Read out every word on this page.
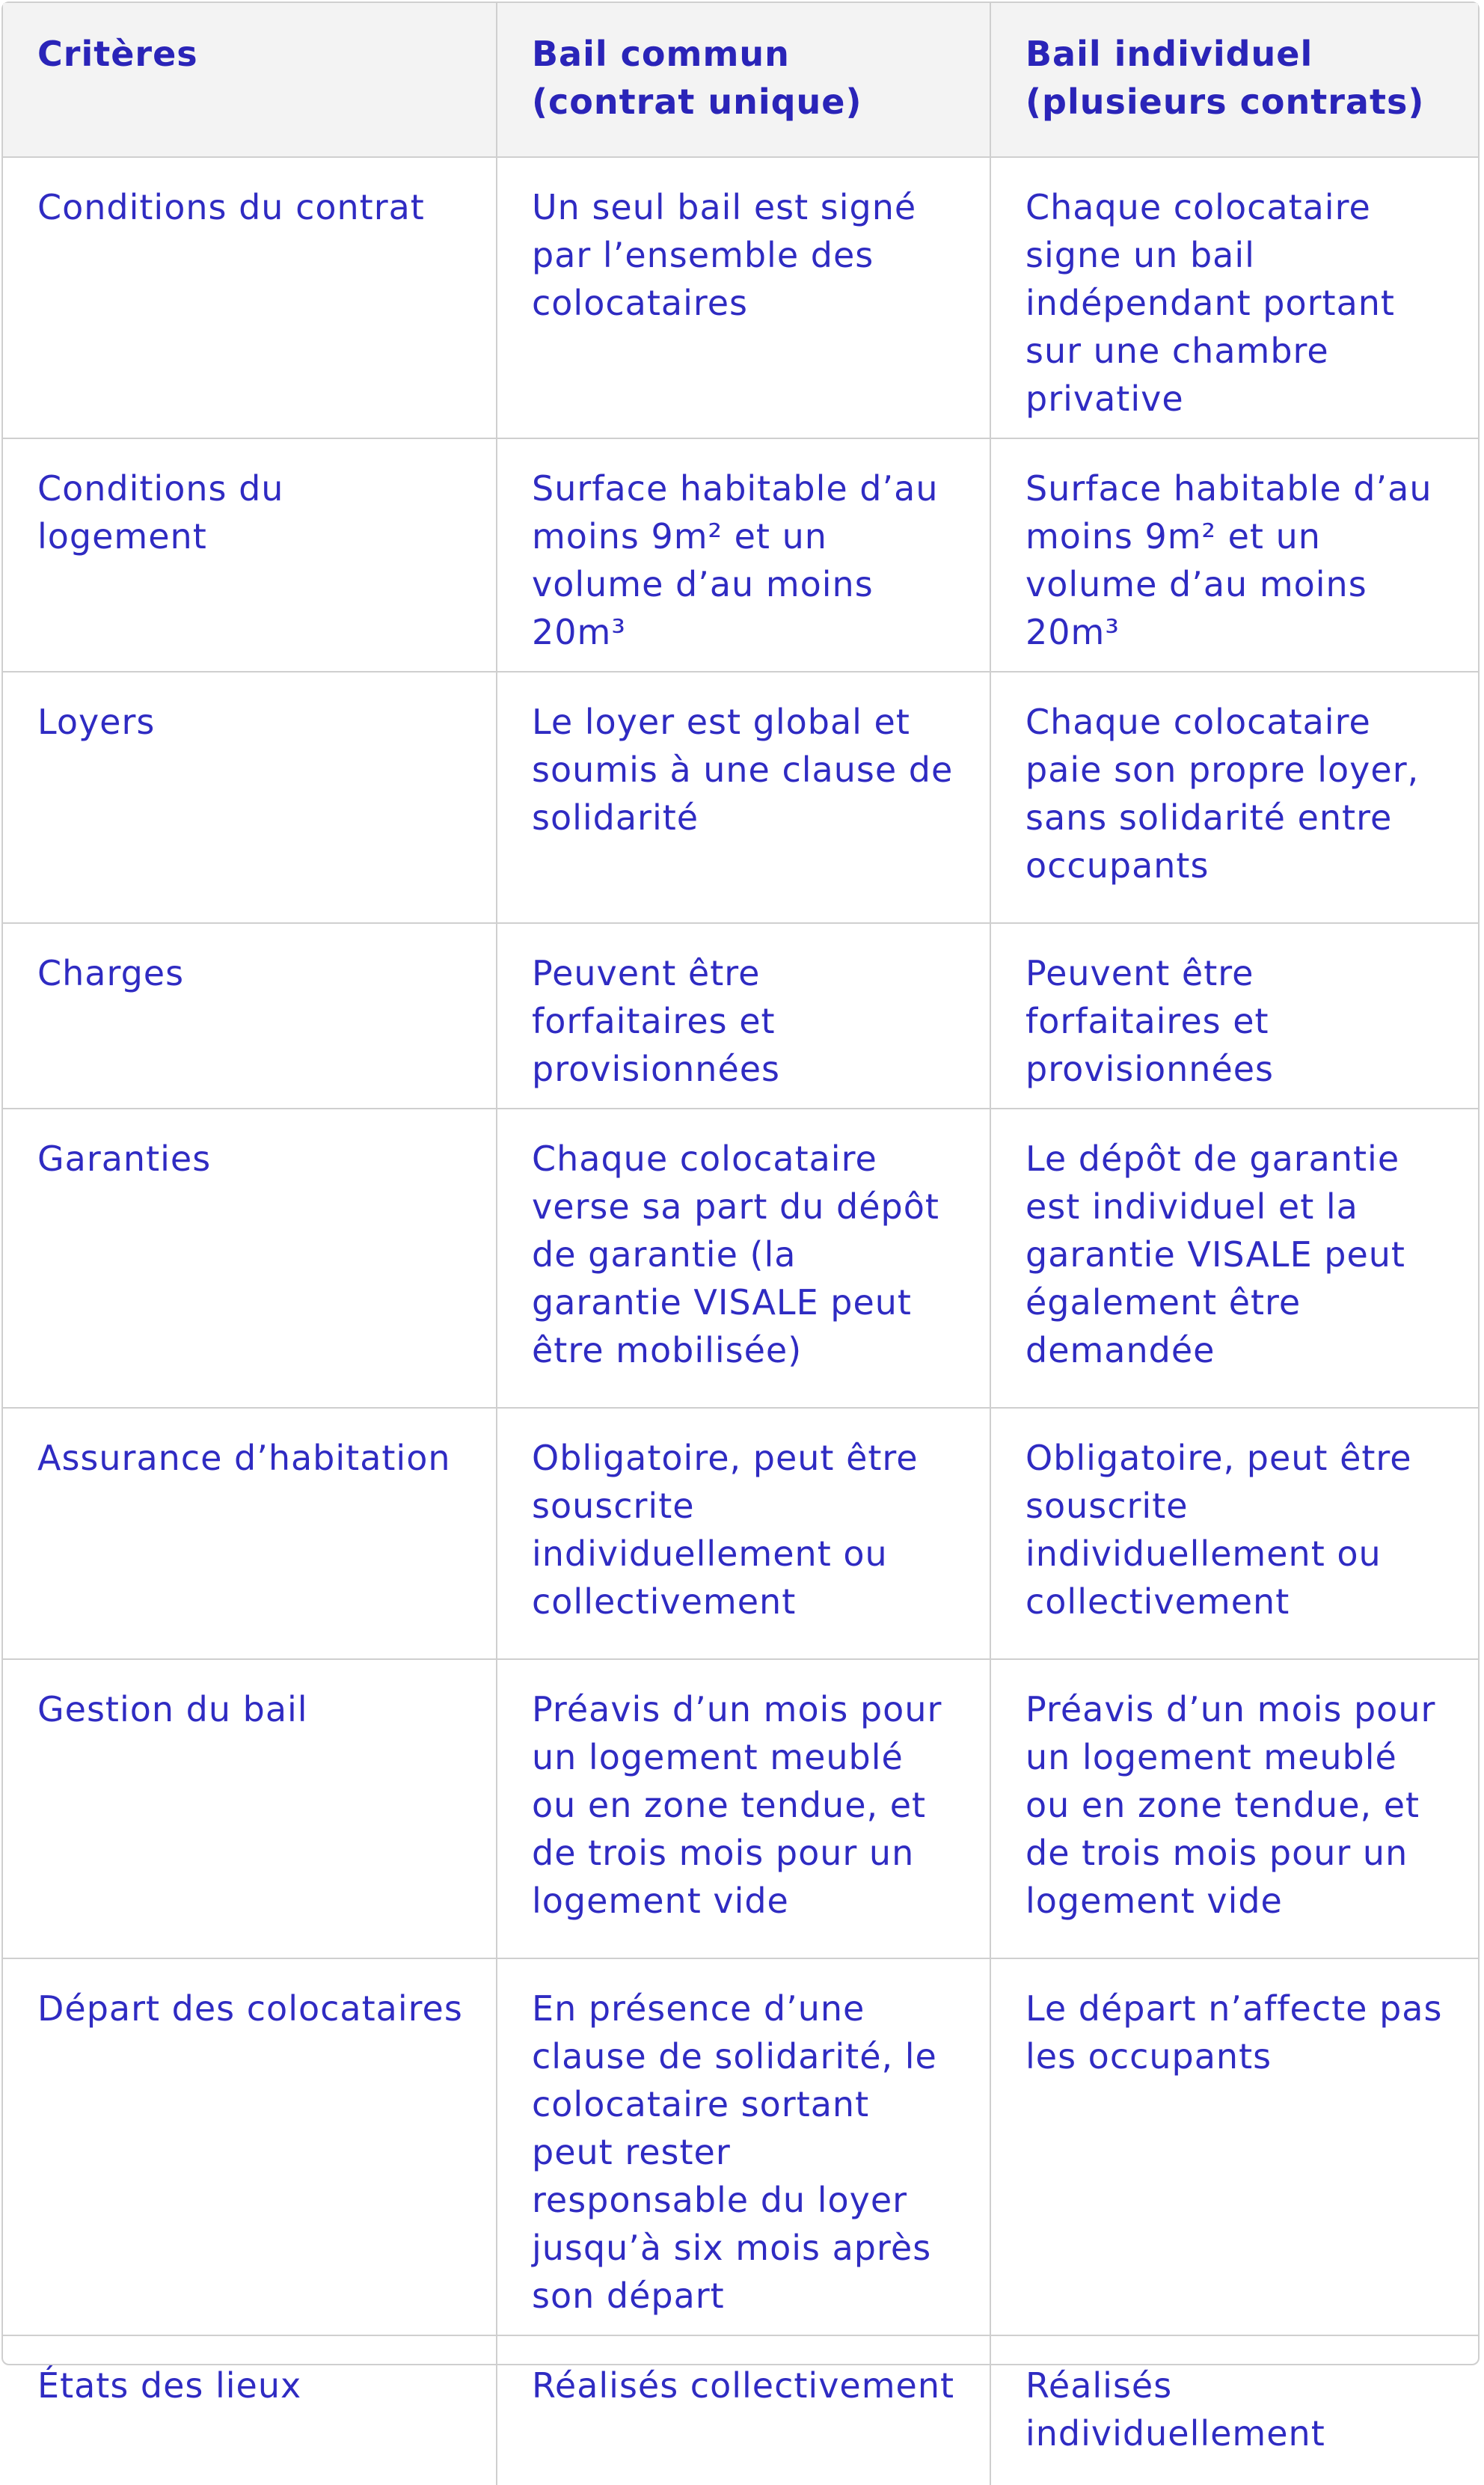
Critères	Bail commun (contrat unique)	Bail individuel (plusieurs contrats)
Conditions du contrat	Un seul bail est signé par l’ensemble des colocataires	Chaque colocataire signe un bail indépendant portant sur une chambre privative
Conditions du logement	Surface habitable d’au moins 9m² et un volume d’au moins 20m³	Surface habitable d’au moins 9m² et un volume d’au moins 20m³
Loyers	Le loyer est global et soumis à une clause de solidarité	Chaque colocataire paie son propre loyer, sans solidarité entre occupants
Charges	Peuvent être forfaitaires et provisionnées	Peuvent être forfaitaires et provisionnées
Garanties	Chaque colocataire verse sa part du dépôt de garantie (la garantie VISALE peut être mobilisée)	Le dépôt de garantie est individuel et la garantie VISALE peut également être demandée
Assurance d’habitation	Obligatoire, peut être souscrite individuellement ou collectivement	Obligatoire, peut être souscrite individuellement ou collectivement
Gestion du bail	Préavis d’un mois pour un logement meublé ou en zone tendue, et de trois mois pour un logement vide	Préavis d’un mois pour un logement meublé ou en zone tendue, et de trois mois pour un logement vide
Départ des colocataires	En présence d’une clause de solidarité, le colocataire sortant peut rester responsable du loyer jusqu’à six mois après son départ	Le départ n’affecte pas les occupants
États des lieux	Réalisés collectivement	Réalisés individuellement
